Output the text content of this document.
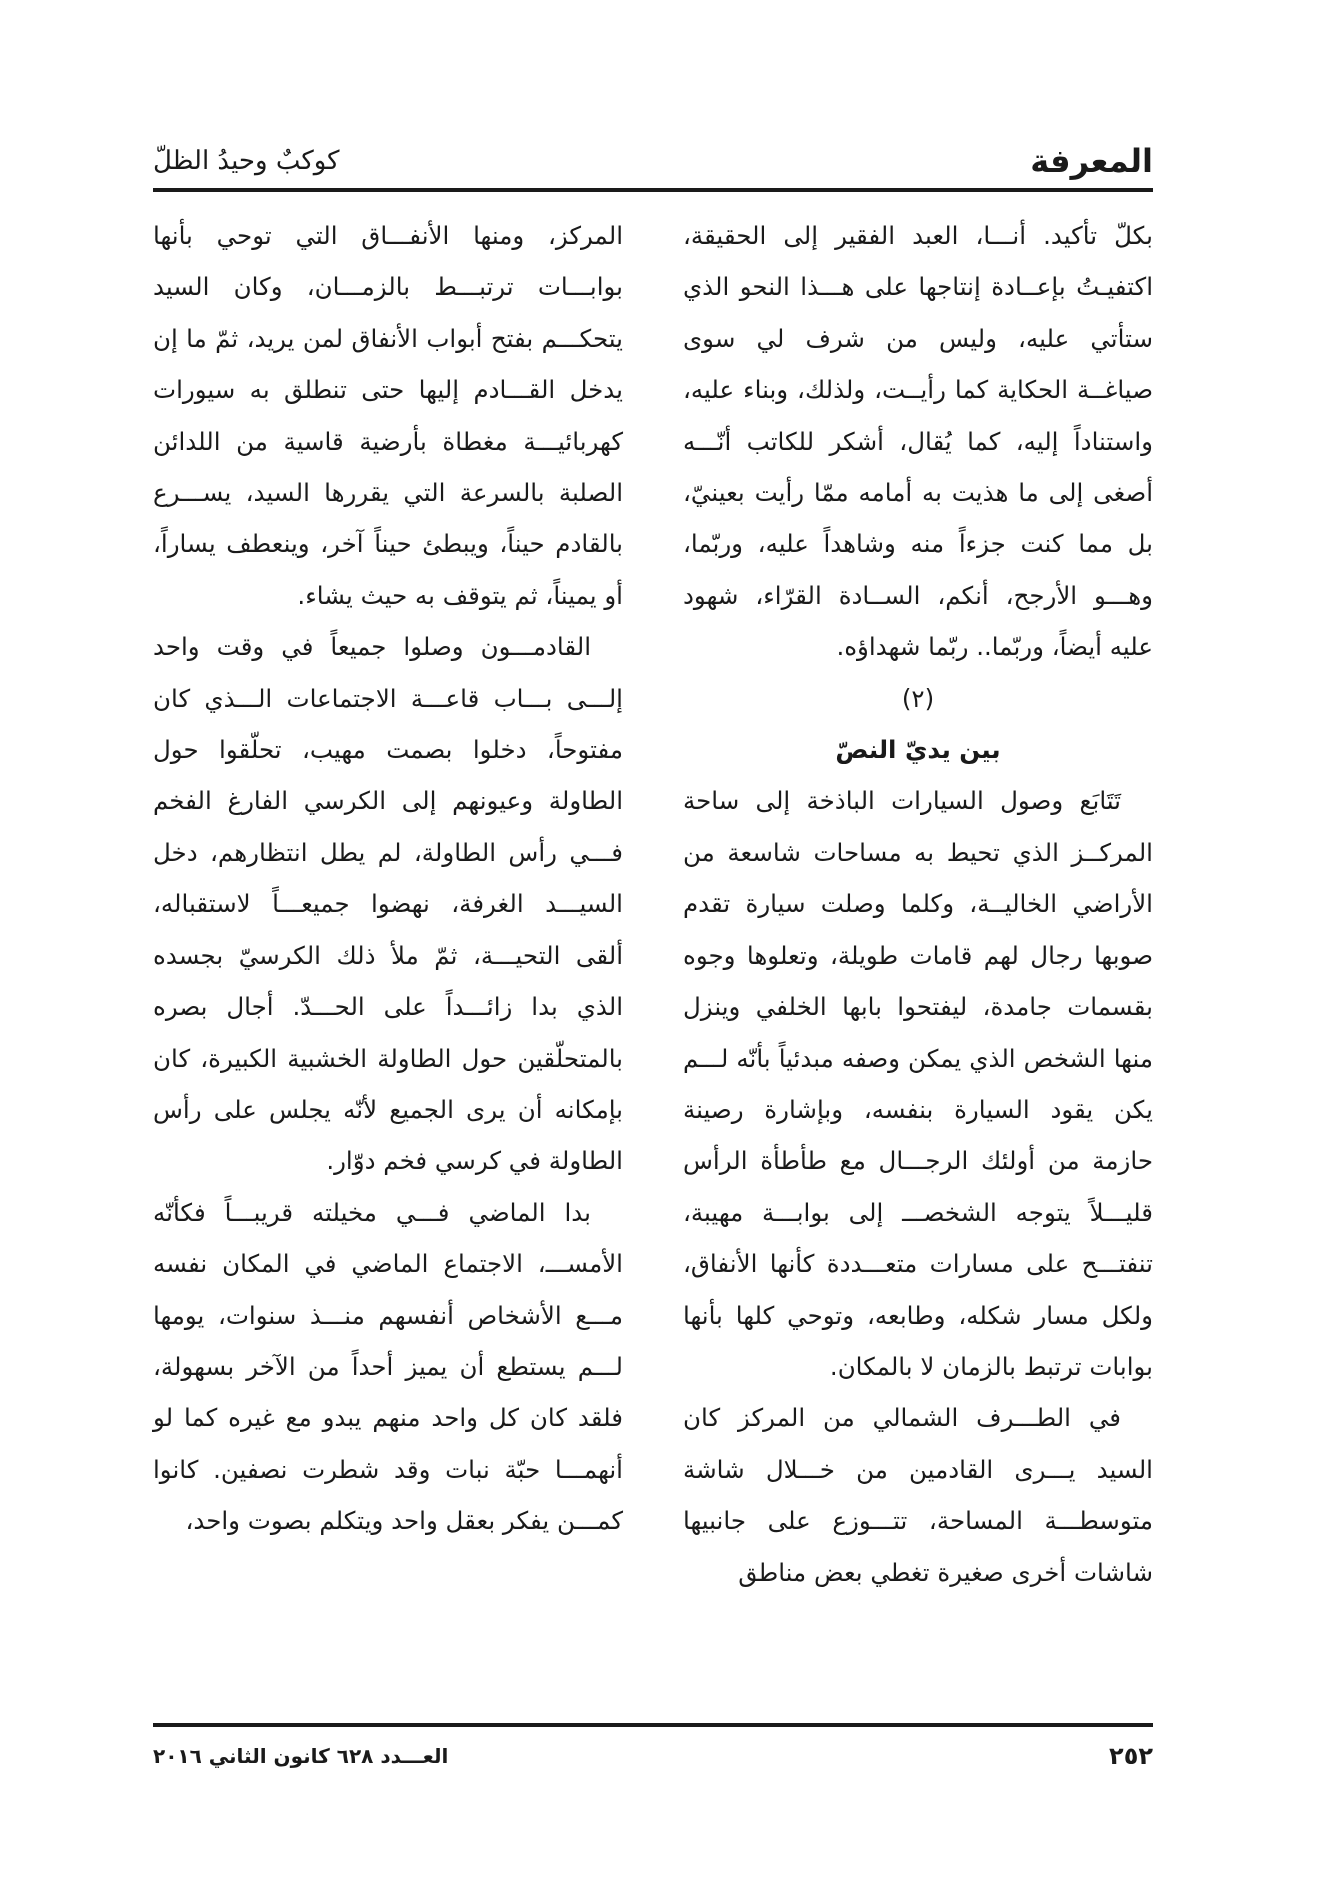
المعرفة
كوكبٌ وحيدُ الظلّ

بكلّ تأكيد. أنـــا، العبد الفقير إلى الحقيقة، اكتفيـتُ بإعــادة إنتاجها على هـــذا النحو الذي ستأتي عليه، وليس من شرف لي سوى صياغــة الحكاية كما رأيــت، ولذلك، وبناء عليه، واستناداً إليه، كما يُقال، أشكر للكاتب أنّـــه أصغى إلى ما هذيت به أمامه ممّا رأيت بعينيّ، بل مما كنت جزءاً منه وشاهداً عليه، وربّما، وهـــو الأرجح، أنكم، الســادة القرّاء، شهود عليه أيضاً، وربّما.. ربّما شهداؤه.

(٢)

بين يديّ النصّ

تَتَابَع وصول السيارات الباذخة إلى ساحة المركــز الذي تحيط به مساحات شاسعة من الأراضي الخاليــة، وكلما وصلت سيارة تقدم صوبها رجال لهم قامات طويلة، وتعلوها وجوه بقسمات جامدة، ليفتحوا بابها الخلفي وينزل منها الشخص الذي يمكن وصفه مبدئياً بأنّه لـــم يكن يقود السيارة بنفسه، وبإشارة رصينة حازمة من أولئك الرجـــال مع طأطأة الرأس قليـــلاً يتوجه الشخصـــ إلى بوابـــة مهيبة، تنفتـــح على مسارات متعـــددة كأنها الأنفاق، ولكل مسار شكله، وطابعه، وتوحي كلها بأنها بوابات ترتبط بالزمان لا بالمكان.

في الطـــرف الشمالي من المركز كان السيد يـــرى القادمين من خـــلال شاشة متوسطـــة المساحة، تتـــوزع على جانبيها شاشات أخرى صغيرة تغطي بعض مناطق

المركز، ومنها الأنفـــاق التي توحي بأنها بوابـــات ترتبـــط بالزمـــان، وكان السيد يتحكـــم بفتح أبواب الأنفاق لمن يريد، ثمّ ما إن يدخل القـــادم إليها حتى تنطلق به سيورات كهربائيـــة مغطاة بأرضية قاسية من اللدائن الصلبة بالسرعة التي يقررها السيد، يســـرع بالقادم حيناً، ويبطئ حيناً آخر، وينعطف يساراً، أو يميناً، ثم يتوقف به حيث يشاء.

القادمـــون وصلوا جميعاً في وقت واحد إلـــى بـــاب قاعـــة الاجتماعات الـــذي كان مفتوحاً، دخلوا بصمت مهيب، تحلّقوا حول الطاولة وعيونهم إلى الكرسي الفارغ الفخم فـــي رأس الطاولة، لم يطل انتظارهم، دخل السيـــد الغرفة، نهضوا جميعـــاً لاستقباله، ألقى التحيـــة، ثمّ ملأ ذلك الكرسيّ بجسده الذي بدا زائـــداً على الحـــدّ. أجال بصره بالمتحلّقين حول الطاولة الخشبية الكبيرة، كان بإمكانه أن يرى الجميع لأنّه يجلس على رأس الطاولة في كرسي فخم دوّار.

بدا الماضي فـــي مخيلته قريبـــاً فكأنّه الأمســـ، الاجتماع الماضي في المكان نفسه مـــع الأشخاص أنفسهم منـــذ سنوات، يومها لـــم يستطع أن يميز أحداً من الآخر بسهولة، فلقد كان كل واحد منهم يبدو مع غيره كما لو أنهمـــا حبّة نبات وقد شطرت نصفين. كانوا كمـــن يفكر بعقل واحد ويتكلم بصوت واحد،

٢٥٢
العـــدد ٦٢٨ كانون الثاني ٢٠١٦
